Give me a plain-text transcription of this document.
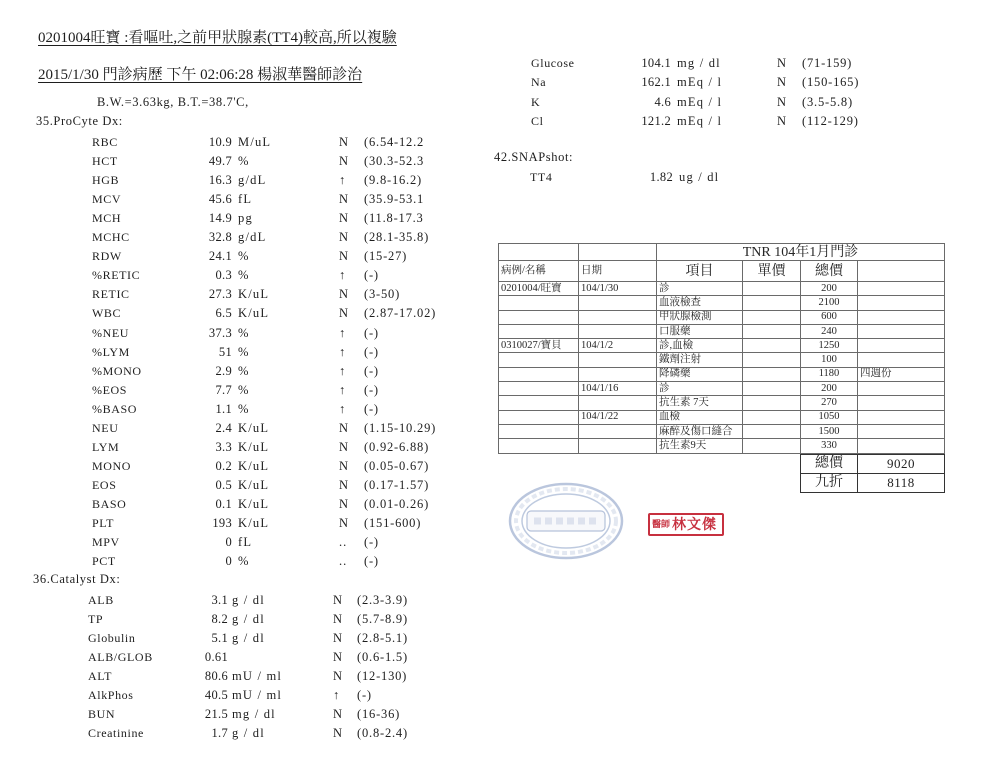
0201004旺寶 :看嘔吐,之前甲狀腺素(TT4)較高,所以複驗
2015/1/30 門診病歷 下午 02:06:28 楊淑華醫師診治
B.W.=3.63kg, B.T.=38.7'C,
35.ProCyte Dx:
36.Catalyst Dx:
42.SNAPshot:
RBC	10.9 M/uL	N (6.54-12.2
HCT	49.7 %	N (30.3-52.3
HGB	16.3 g/dL	↑ (9.8-16.2)
MCV	45.6 fL	N (35.9-53.1
MCH	14.9 pg	N (11.8-17.3
MCHC	32.8 g/dL	N (28.1-35.8)
RDW	24.1 %	N (15-27)
%RETIC	0.3 %	↑ (-)
RETIC	27.3 K/uL	N (3-50)
WBC	6.5 K/uL	N (2.87-17.02)
%NEU	37.3 %	↑ (-)
%LYM	51 %	↑ (-)
%MONO	2.9 %	↑ (-)
%EOS	7.7 %	↑ (-)
%BASO	1.1 %	↑ (-)
NEU	2.4 K/uL	N (1.15-10.29)
LYM	3.3 K/uL	N (0.92-6.88)
MONO	0.2 K/uL	N (0.05-0.67)
EOS	0.5 K/uL	N (0.17-1.57)
BASO	0.1 K/uL	N (0.01-0.26)
PLT	193 K/uL	N (151-600)
MPV	0 fL	.. (-)
PCT	0 %	.. (-)
ALB	3.1 g / dl	N (2.3-3.9)
TP	8.2 g / dl	N (5.7-8.9)
Globulin	5.1 g / dl	N (2.8-5.1)
ALB/GLOB	0.61	N (0.6-1.5)
ALT	80.6 mU / ml	N (12-130)
AlkPhos	40.5 mU / ml	↑ (-)
BUN	21.5 mg / dl	N (16-36)
Creatinine	1.7 g / dl	N (0.8-2.4)
Glucose	104.1 mg / dl	N (71-159)
Na	162.1 mEq / l	N (150-165)
K	4.6 mEq / l	N (3.5-5.8)
Cl	121.2 mEq / l	N (112-129)
TT4	1.82 ug / dl
		TNR 104年1月門診			
病例/名稱	日期	項目	單價	總價	
0201004/旺寶	104/1/30	診		200	
		血液檢查		2100	
		甲狀腺檢測		600	
		口服藥		240	
0310027/寶貝	104/1/2	診,血檢		1250	
		鐵劑注射		100	
		降磷藥		1180	四週份
	104/1/16	診		200	
		抗生素 7天		270	
	104/1/22	血檢		1050	
		麻醉及傷口縫合		1500	
		抗生素9天		330	
總價	9020
九折	8118
醫師 林文傑
